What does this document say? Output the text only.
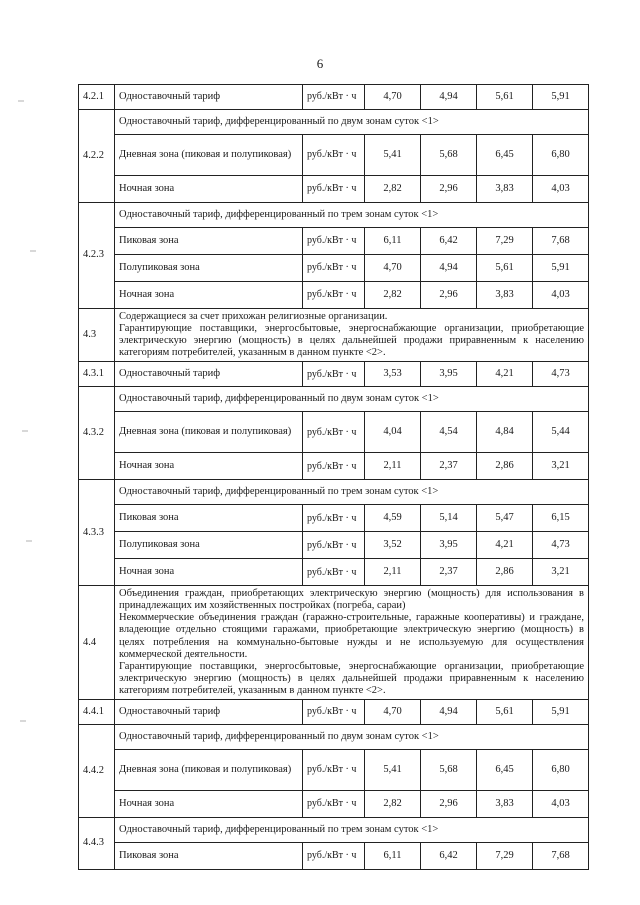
6
4.2.1	Одноставочный тариф	руб./кВт · ч	4,70	4,94	5,61	5,91
4.2.2	Одноставочный тариф, дифференцированный по двум зонам суток <1>					
	Дневная зона (пиковая и полупиковая)	руб./кВт · ч	5,41	5,68	6,45	6,80
	Ночная зона	руб./кВт · ч	2,82	2,96	3,83	4,03
4.2.3	Одноставочный тариф, дифференцированный по трем зонам суток <1>					
	Пиковая зона	руб./кВт · ч	6,11	6,42	7,29	7,68
	Полупиковая зона	руб./кВт · ч	4,70	4,94	5,61	5,91
	Ночная зона	руб./кВт · ч	2,82	2,96	3,83	4,03
4.3	Содержащиеся за счет прихожан религиозные организации.

Гарантирующие поставщики, энергосбытовые, энергоснабжающие организации, приобретающие электрическую энергию (мощность) в целях дальнейшей продажи приравненным к населению категориям потребителей, указанным в данном пункте <2>.					

4.3.1	Одноставочный тариф	руб./кВт · ч	3,53	3,95	4,21	4,73
4.3.2	Одноставочный тариф, дифференцированный по двум зонам суток <1>					
	Дневная зона (пиковая и полупиковая)	руб./кВт · ч	4,04	4,54	4,84	5,44
	Ночная зона	руб./кВт · ч	2,11	2,37	2,86	3,21
4.3.3	Одноставочный тариф, дифференцированный по трем зонам суток <1>					
	Пиковая зона	руб./кВт · ч	4,59	5,14	5,47	6,15
	Полупиковая зона	руб./кВт · ч	3,52	3,95	4,21	4,73
	Ночная зона	руб./кВт · ч	2,11	2,37	2,86	3,21
4.4	Объединения граждан, приобретающих электрическую энергию (мощность) для использования в принадлежащих им хозяйственных постройках (погреба, сараи)

Некоммерческие объединения граждан (гаражно-строительные, гаражные кооперативы) и граждане, владеющие отдельно стоящими гаражами, приобретающие электрическую энергию (мощность) в целях потребления на коммунально-бытовые нужды и не используемую для осуществления коммерческой деятельности.

Гарантирующие поставщики, энергосбытовые, энергоснабжающие организации, приобретающие электрическую энергию (мощность) в целях дальнейшей продажи приравненным к населению категориям потребителей, указанным в данном пункте <2>.					

4.4.1	Одноставочный тариф	руб./кВт · ч	4,70	4,94	5,61	5,91
4.4.2	Одноставочный тариф, дифференцированный по двум зонам суток <1>					
	Дневная зона (пиковая и полупиковая)	руб./кВт · ч	5,41	5,68	6,45	6,80
	Ночная зона	руб./кВт · ч	2,82	2,96	3,83	4,03
4.4.3	Одноставочный тариф, дифференцированный по трем зонам суток <1>					
	Пиковая зона	руб./кВт · ч	6,11	6,42	7,29	7,68
